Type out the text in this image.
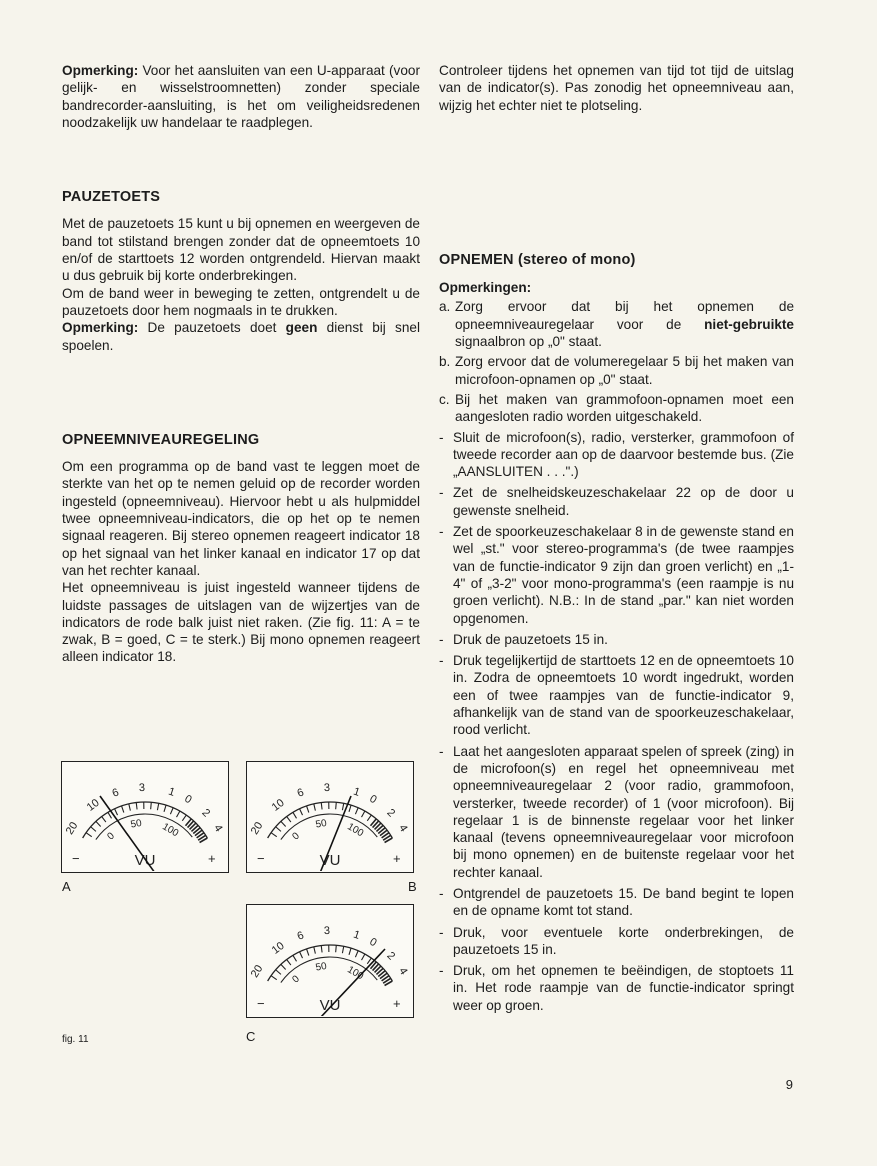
Opmerking: Voor het aansluiten van een U-apparaat (voor gelijk- en wisselstroomnetten) zonder speciale bandrecorder-aansluiting, is het om veiligheidsredenen noodzakelijk uw handelaar te raadplegen.

PAUZETOETS

Met de pauzetoets 15 kunt u bij opnemen en weergeven de band tot stilstand brengen zonder dat de opneemtoets 10 en/of de starttoets 12 worden ontgrendeld. Hiervan maakt u dus gebruik bij korte onderbrekingen.

Om de band weer in beweging te zetten, ontgrendelt u de pauzetoets door hem nogmaals in te drukken.

Opmerking: De pauzetoets doet geen dienst bij snel spoelen.

OPNEEMNIVEAUREGELING

Om een programma op de band vast te leggen moet de sterkte van het op te nemen geluid op de recorder worden ingesteld (opneemniveau). Hiervoor hebt u als hulpmiddel twee opneemniveau-indicators, die op het op te nemen signaal reageren. Bij stereo opnemen reageert indicator 18 op het signaal van het linker kanaal en indicator 17 op dat van het rechter kanaal.

Het opneemniveau is juist ingesteld wanneer tijdens de luidste passages de uitslagen van de wijzertjes van de indicators de rode balk juist niet raken. (Zie fig. 11: A = te zwak, B = goed, C = te sterk.) Bij mono opnemen reageert alleen indicator 18.

20
10
6 3 1
0
2
4
0
50 100
VU
−	+
20
10
6 3 1
0
2
4
0
50 100
VU
−	+
20
10
6 3 1
0
2
4
0
50 100
VU
−	+
A	B
C
fig. 11

Controleer tijdens het opnemen van tijd tot tijd de uitslag van de indicator(s). Pas zonodig het opneemniveau aan, wijzig het echter niet te plotseling.

OPNEMEN (stereo of mono)
Opmerkingen:
a. Zorg ervoor dat bij het opnemen de opneemniveauregelaar voor de niet-gebruikte signaalbron op „0" staat.
b. Zorg ervoor dat de volumeregelaar 5 bij het maken van microfoon-opnamen op „0" staat.
c. Bij het maken van grammofoon-opnamen moet een aangesloten radio worden uitgeschakeld.
- Sluit de microfoon(s), radio, versterker, grammofoon of tweede recorder aan op de daarvoor bestemde bus. (Zie „AANSLUITEN . . .".)
- Zet de snelheidskeuzeschakelaar 22 op de door u gewenste snelheid.
- Zet de spoorkeuzeschakelaar 8 in de gewenste stand en wel „st." voor stereo-programma's (de twee raampjes van de functie-indicator 9 zijn dan groen verlicht) en „1-4" of „3-2" voor mono-programma's (een raampje is nu groen verlicht). N.B.: In de stand „par." kan niet worden opgenomen.
- Druk de pauzetoets 15 in.
- Druk tegelijkertijd de starttoets 12 en de opneemtoets 10 in. Zodra de opneemtoets 10 wordt ingedrukt, worden een of twee raampjes van de functie-indicator 9, afhankelijk van de stand van de spoorkeuzeschakelaar, rood verlicht.
- Laat het aangesloten apparaat spelen of spreek (zing) in de microfoon(s) en regel het opneemniveau met opneemniveauregelaar 2 (voor radio, grammofoon, versterker, tweede recorder) of 1 (voor microfoon). Bij regelaar 1 is de binnenste regelaar voor het linker kanaal (tevens opneemniveauregelaar voor microfoon bij mono opnemen) en de buitenste regelaar voor het rechter kanaal.
- Ontgrendel de pauzetoets 15. De band begint te lopen en de opname komt tot stand.
- Druk, voor eventuele korte onderbrekingen, de pauzetoets 15 in.
- Druk, om het opnemen te beëindigen, de stoptoets 11 in. Het rode raampje van de functie-indicator springt weer op groen.
9
